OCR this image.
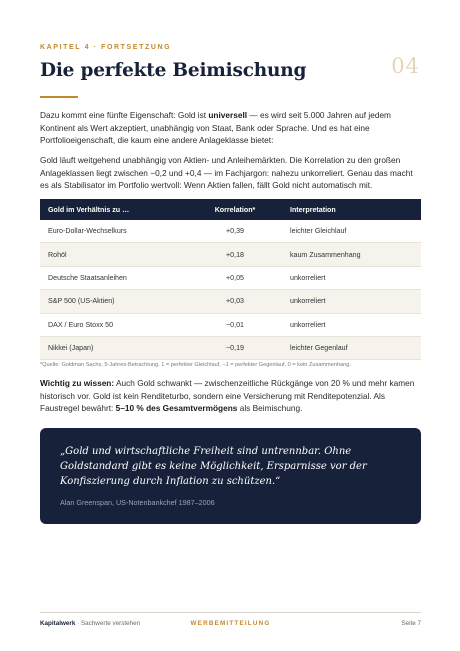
KAPITEL 4 · FORTSETZUNG
04
Die perfekte Beimischung
Dazu kommt eine fünfte Eigenschaft: Gold ist universell — es wird seit 5.000 Jahren auf jedem Kontinent als Wert akzeptiert, unabhängig von Staat, Bank oder Sprache. Und es hat eine Portfolioeigenschaft, die kaum eine andere Anlageklasse bietet:
Gold läuft weitgehend unabhängig von Aktien- und Anleihemärkten. Die Korrelation zu den großen Anlageklassen liegt zwischen −0,2 und +0,4 — im Fachjargon: nahezu unkorreliert. Genau das macht es als Stabilisator im Portfolio wertvoll: Wenn Aktien fallen, fällt Gold nicht automatisch mit.
Gold im Verhältnis zu …	Korrelation*	Interpretation
Euro-Dollar-Wechselkurs	+0,39	leichter Gleichlauf
Rohöl	+0,18	kaum Zusammenhang
Deutsche Staatsanleihen	+0,05	unkorreliert
S&P 500 (US-Aktien)	+0,03	unkorreliert
DAX / Euro Stoxx 50	−0,01	unkorreliert
Nikkei (Japan)	−0,19	leichter Gegenlauf
*Quelle: Goldman Sachs, 5-Jahres-Betrachtung. 1 = perfekter Gleichlauf, −1 = perfekter Gegenlauf, 0 = kein Zusammenhang.
Wichtig zu wissen: Auch Gold schwankt — zwischenzeitliche Rückgänge von 20 % und mehr kamen historisch vor. Gold ist kein Renditeturbo, sondern eine Versicherung mit Renditepotenzial. Als Faustregel bewährt: 5–10 % des Gesamtvermögens als Beimischung.
„Gold und wirtschaftliche Freiheit sind untrennbar. Ohne Goldstandard gibt es keine Möglichkeit, Ersparnisse vor der Konfiszierung durch Inflation zu schützen.“
Alan Greenspan, US-Notenbankchef 1987–2006
Kapitalwerk · Sachwerte verstehen	WERBEMITTEILUNG	Seite 7
